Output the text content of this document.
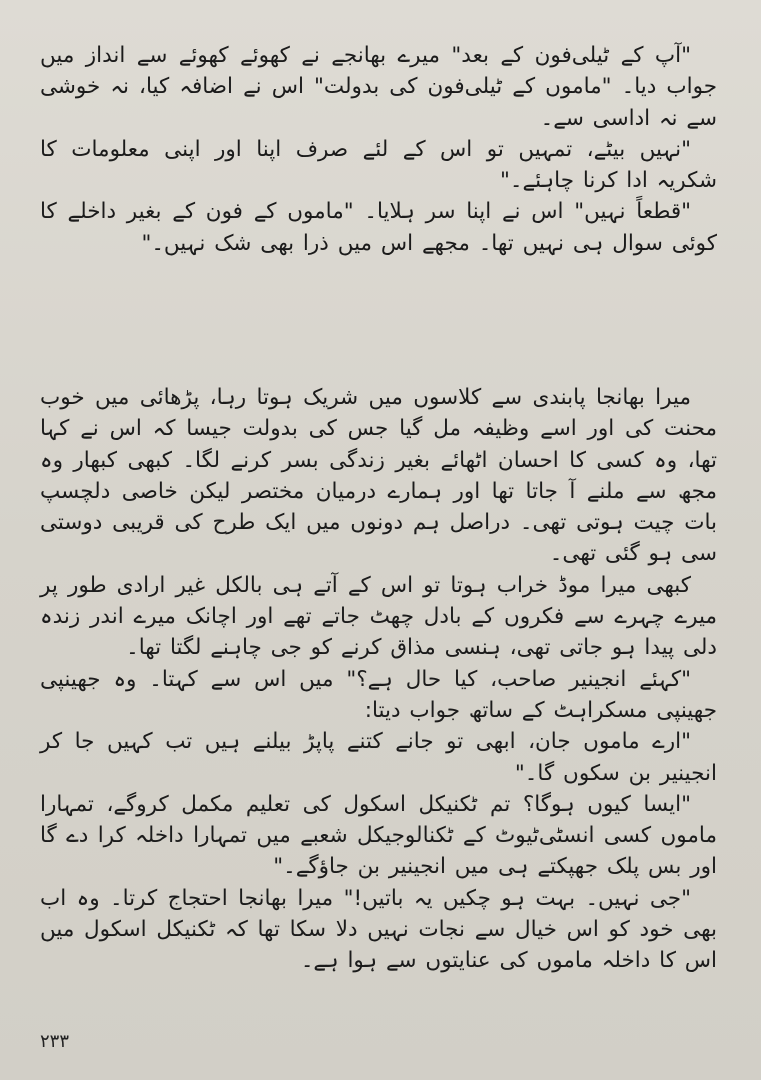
"آپ کے ٹیلی‌فون کے بعد" میرے بھانجے نے کھوئے کھوئے سے انداز میں جواب دیا۔ "ماموں کے ٹیلی‌فون کی بدولت" اس نے اضافہ کیا، نہ خوشی سے نہ اداسی سے۔

"نہیں بیٹے، تمہیں تو اس کے لئے صرف اپنا اور اپنی معلومات کا شکریہ ادا کرنا چاہئے۔"

"قطعاً نہیں" اس نے اپنا سر ہلایا۔ "ماموں کے فون کے بغیر داخلے کا کوئی سوال ہی نہیں تھا۔ مجھے اس میں ذرا بھی شک نہیں۔"

میرا بھانجا پابندی سے کلاسوں میں شریک ہوتا رہا، پڑھائی میں خوب محنت کی اور اسے وظیفہ مل گیا جس کی بدولت جیسا کہ اس نے کہا تھا، وہ کسی کا احسان اٹھائے بغیر زندگی بسر کرنے لگا۔ کبھی کبھار وہ مجھ سے ملنے آ جاتا تھا اور ہمارے درمیان مختصر لیکن خاصی دلچسپ بات چیت ہوتی تھی۔ دراصل ہم دونوں میں ایک طرح کی قریبی دوستی سی ہو گئی تھی۔

کبھی میرا موڈ خراب ہوتا تو اس کے آتے ہی بالکل غیر ارادی طور پر میرے چہرے سے فکروں کے بادل چھٹ جاتے تھے اور اچانک میرے اندر زندہ دلی پیدا ہو جاتی تھی، ہنسی مذاق کرنے کو جی چاہنے لگتا تھا۔

"کہئے انجینیر صاحب، کیا حال ہے؟" میں اس سے کہتا۔ وہ جھینپی جھینپی مسکراہٹ کے ساتھ جواب دیتا:

"ارے ماموں جان، ابھی تو جانے کتنے پاپڑ بیلنے ہیں تب کہیں جا کر انجینیر بن سکوں گا۔"

"ایسا کیوں ہوگا؟ تم ٹکنیکل اسکول کی تعلیم مکمل کروگے، تمہارا ماموں کسی انسٹی‌ٹیوٹ کے ٹکنالوجیکل شعبے میں تمہارا داخلہ کرا دے گا اور بس پلک جھپکتے ہی میں انجینیر بن جاؤگے۔"

"جی نہیں۔ بہت ہو چکیں یہ باتیں!" میرا بھانجا احتجاج کرتا۔ وہ اب بھی خود کو اس خیال سے نجات نہیں دلا سکا تھا کہ ٹکنیکل اسکول میں اس کا داخلہ ماموں کی عنایتوں سے ہوا ہے۔

۲۳۳
